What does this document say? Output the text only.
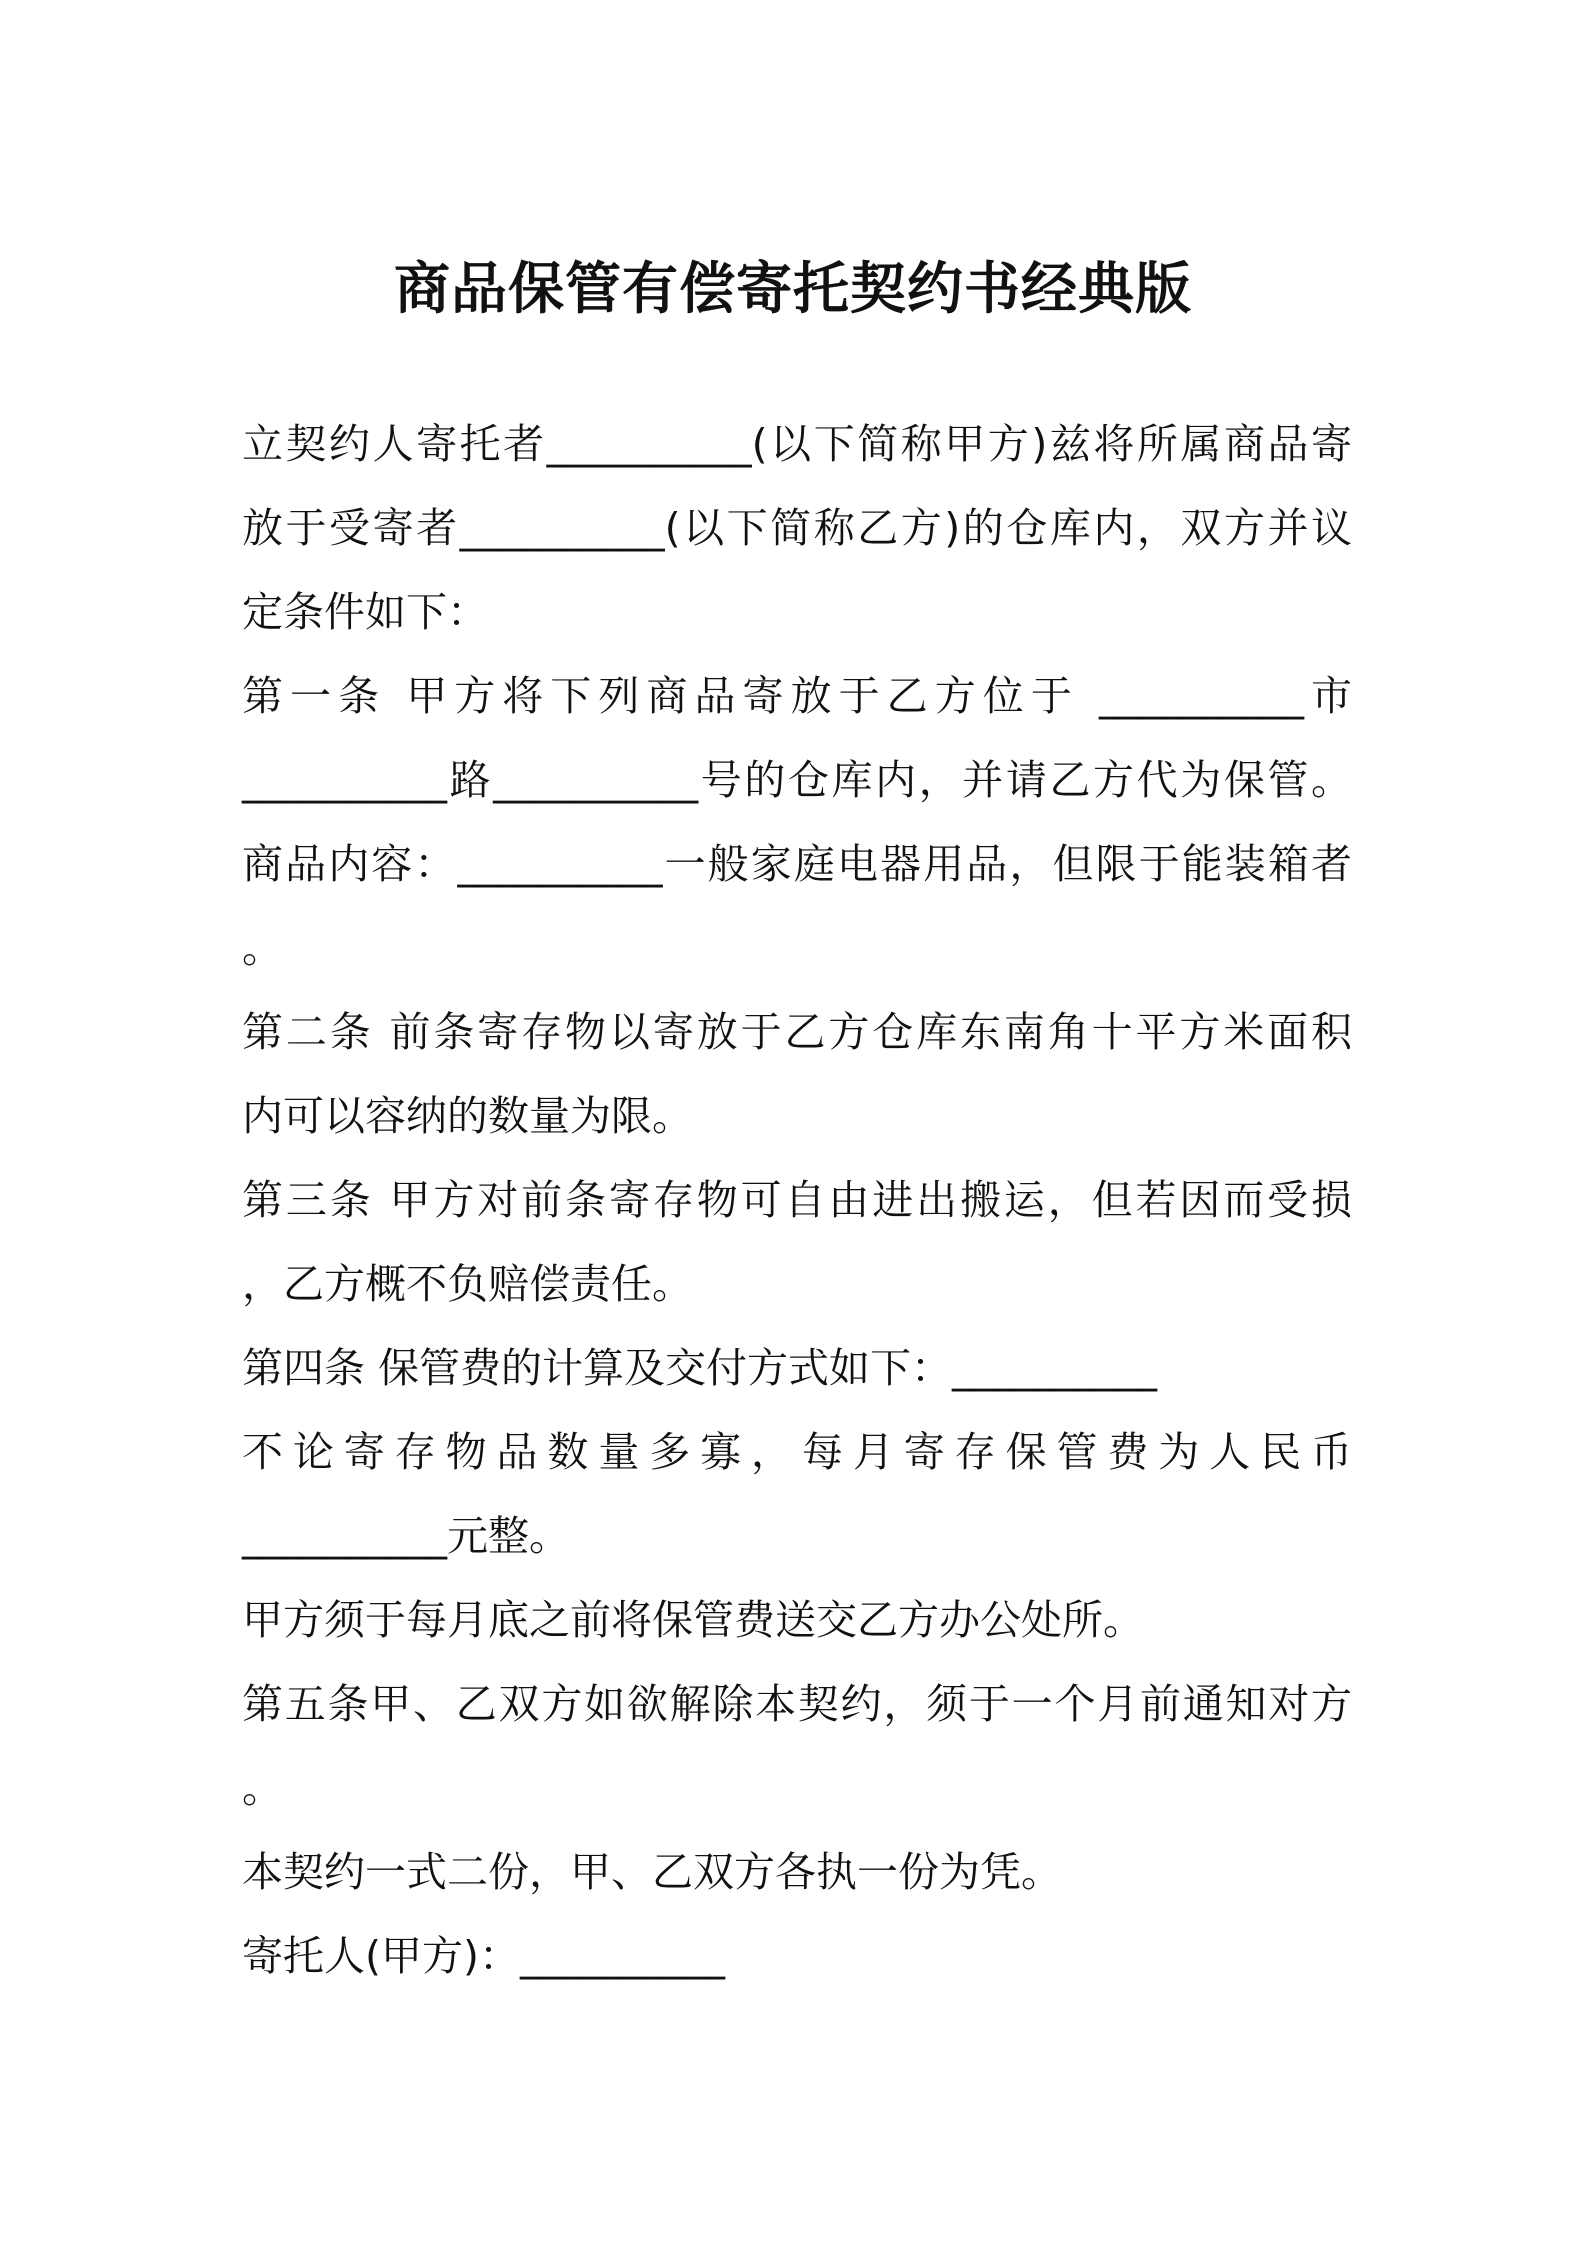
商品保管有偿寄托契约书经典版
立契约人寄托者__________(以下简称甲方)兹将所属商品寄
放于受寄者__________(以下简称乙方)的仓库内，双方并议
定条件如下：
第一条 甲方将下列商品寄放于乙方位于 __________市
__________路__________号的仓库内，并请乙方代为保管。
商品内容：__________一般家庭电器用品，但限于能装箱者
。
第二条 前条寄存物以寄放于乙方仓库东南角十平方米面积
内可以容纳的数量为限。
第三条 甲方对前条寄存物可自由进出搬运，但若因而受损
，乙方概不负赔偿责任。
第四条 保管费的计算及交付方式如下：__________
不论寄存物品数量多寡，每月寄存保管费为人民币
__________元整。
甲方须于每月底之前将保管费送交乙方办公处所。
第五条甲、乙双方如欲解除本契约，须于一个月前通知对方
。
本契约一式二份，甲、乙双方各执一份为凭。
寄托人(甲方)：__________
